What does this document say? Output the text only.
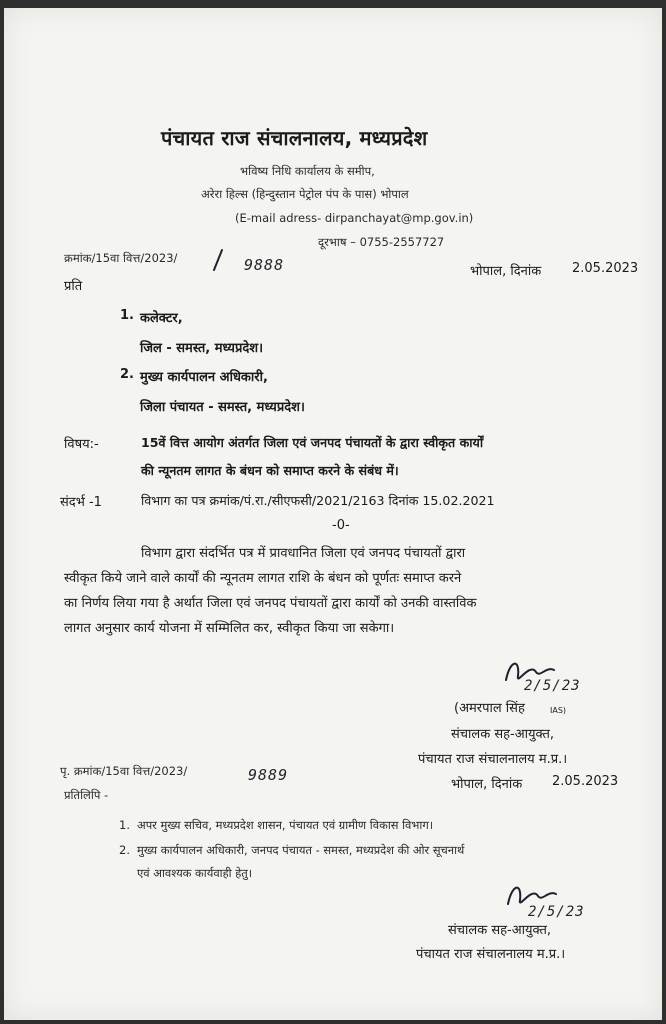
पंचायत राज संचालनालय, मध्यप्रदेश
भविष्य निधि कार्यालय के समीप,
अरेरा हिल्स (हिन्दुस्तान पेट्रोल पंप के पास) भोपाल
(E-mail adress- dirpanchayat@mp.gov.in)
दूरभाष – 0755-2557727
क्रमांक/15वा वित्त/2023/	9888	भोपाल, दिनांक 2.05.2023
प्रति
1. कलेक्टर,
जिल - समस्त, मध्यप्रदेश।
2. मुख्य कार्यपालन अधिकारी,
जिला पंचायत - समस्त, मध्यप्रदेश।
विषय:-	15वें वित्त आयोग अंतर्गत जिला एवं जनपद पंचायतों के द्वारा स्वीकृत कार्यों
की न्यूनतम लागत के बंधन को समाप्त करने के संबंध में।
संदर्भ -1	विभाग का पत्र क्रमांक/पं.रा./सीएफसी/2021/2163 दिनांक 15.02.2021
-0-
विभाग द्वारा संदर्भित पत्र में प्रावधानित जिला एवं जनपद पंचायतों द्वारा
स्वीकृत किये जाने वाले कार्यों की न्यूनतम लागत राशि के बंधन को पूर्णतः समाप्त करने
का निर्णय लिया गया है अर्थात जिला एवं जनपद पंचायतों द्वारा कार्यों को उनकी वास्तविक
लागत अनुसार कार्य योजना में सम्मिलित कर, स्वीकृत किया जा सकेगा।
2/5/23
(अमरपाल सिंह	IAS)
संचालक सह-आयुक्त,
पंचायत राज संचालनालय म.प्र.।
भोपाल, दिनांक 2.05.2023
पृ. क्रमांक/15वा वित्त/2023/	9889
प्रतिलिपि -
1. अपर मुख्य सचिव, मध्यप्रदेश शासन, पंचायत एवं ग्रामीण विकास विभाग।
2. मुख्य कार्यपालन अधिकारी, जनपद पंचायत - समस्त, मध्यप्रदेश की ओर सूचनार्थ
एवं आवश्यक कार्यवाही हेतु।
2/5/23
संचालक सह-आयुक्त,
पंचायत राज संचालनालय म.प्र.।
